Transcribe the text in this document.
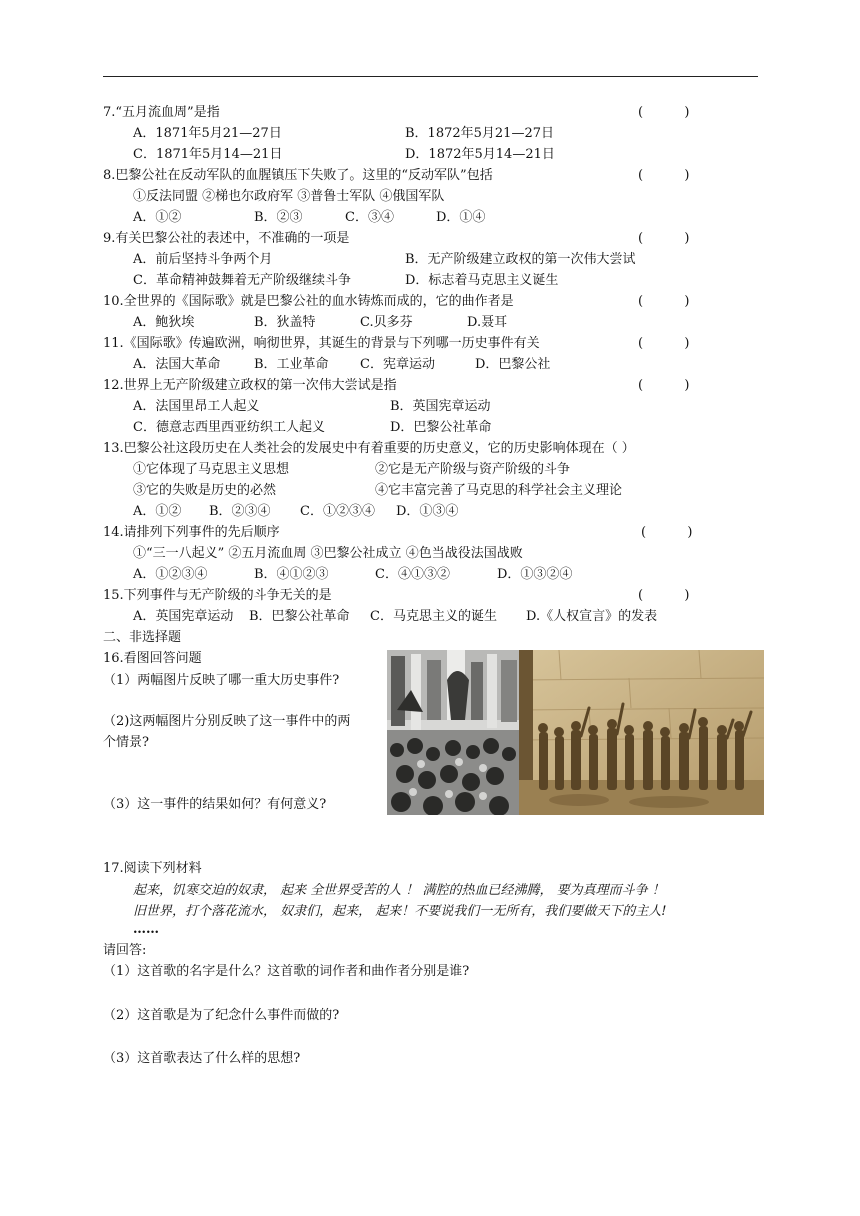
7.“五月流血周”是指	(          )
A．1871年5月21—27日	B．1872年5月21—27日
C．1871年5月14—21日	D．1872年5月14—21日
8.巴黎公社在反动军队的血腥镇压下失败了。这里的“反动军队”包括	(          )
①反法同盟 ②梯也尔政府军 ③普鲁士军队 ④俄国军队
A．①②	B．②③	C．③④	D．①④
9.有关巴黎公社的表述中，不准确的一项是	(          )
A．前后坚持斗争两个月	B．无产阶级建立政权的第一次伟大尝试
C．革命精神鼓舞着无产阶级继续斗争	D．标志着马克思主义诞生
10.全世界的《国际歌》就是巴黎公社的血水铸炼而成的，它的曲作者是	(          )
A．鲍狄埃	B．狄盖特	C.贝多芬	D.聂耳
11.《国际歌》传遍欧洲，响彻世界，其诞生的背景与下列哪一历史事件有关	(          )
A．法国大革命	B．工业革命 C．宪章运动	D．巴黎公社
12.世界上无产阶级建立政权的第一次伟大尝试是指	(          )
A．法国里昂工人起义	B．英国宪章运动
C．德意志西里西亚纺织工人起义	D．巴黎公社革命
13.巴黎公社这段历史在人类社会的发展史中有着重要的历史意义，它的历史影响体现在（ ）
①它体现了马克思主义思想	②它是无产阶级与资产阶级的斗争
③它的失败是历史的必然	④它丰富完善了马克思的科学社会主义理论
A．①② B．②③④ C．①②③④ D．①③④
14.请排列下列事件的先后顺序	(          )
①“三一八起义” ②五月流血周 ③巴黎公社成立 ④色当战役法国战败
A．①②③④	B．④①②③	C．④①③②	D．①③②④
15.下列事件与无产阶级的斗争无关的是	(          )
A．英国宪章运动 B．巴黎公社革命 C．马克思主义的诞生 D.《人权宣言》的发表
二、非选择题
16.看图回答问题
（1）两幅图片反映了哪一重大历史事件?
（2)这两幅图片分别反映了这一事件中的两
个情景?
（3）这一事件的结果如何？有何意义?
17.阅读下列材料
起来，饥寒交迫的奴隶， 起来 全世界受苦的人 ！ 满腔的热血已经沸腾， 要为真理而斗争 ！
旧世界，打个落花流水， 奴隶们，起来， 起来！不要说我们一无所有，我们要做天下的主人!
……
请回答:
（1）这首歌的名字是什么？这首歌的词作者和曲作者分别是谁?
（2）这首歌是为了纪念什么事件而做的?
（3）这首歌表达了什么样的思想?
